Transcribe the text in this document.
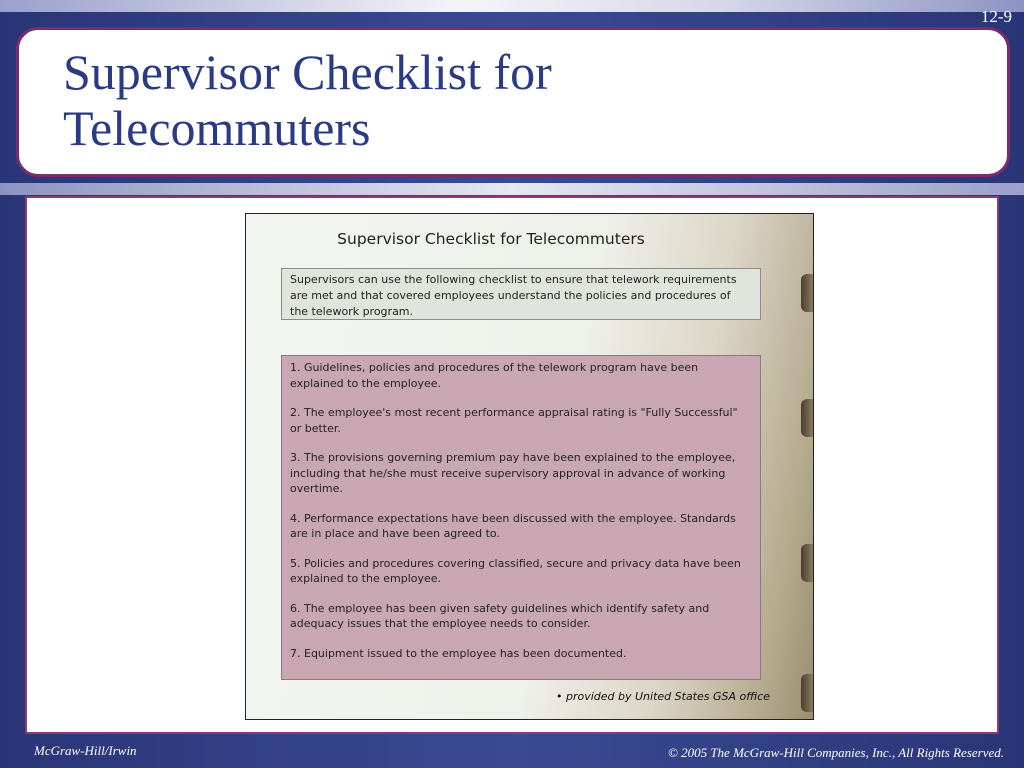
12-9
Supervisor Checklist for
Telecommuters
Supervisor Checklist for Telecommuters
Supervisors can use the following checklist to ensure that telework requirements are met and that covered employees understand the policies and procedures of the telework program.
1. Guidelines, policies and procedures of the telework program have been explained to the employee.
2. The employee's most recent performance appraisal rating is "Fully Successful" or better.
3. The provisions governing premium pay have been explained to the employee, including that he/she must receive supervisory approval in advance of working overtime.
4. Performance expectations have been discussed with the employee. Standards are in place and have been agreed to.
5. Policies and procedures covering classified, secure and privacy data have been explained to the employee.
6. The employee has been given safety guidelines which identify safety and adequacy issues that the employee needs to consider.
7. Equipment issued to the employee has been documented.
• provided by United States GSA office
McGraw-Hill/Irwin	© 2005 The McGraw-Hill Companies, Inc., All Rights Reserved.
